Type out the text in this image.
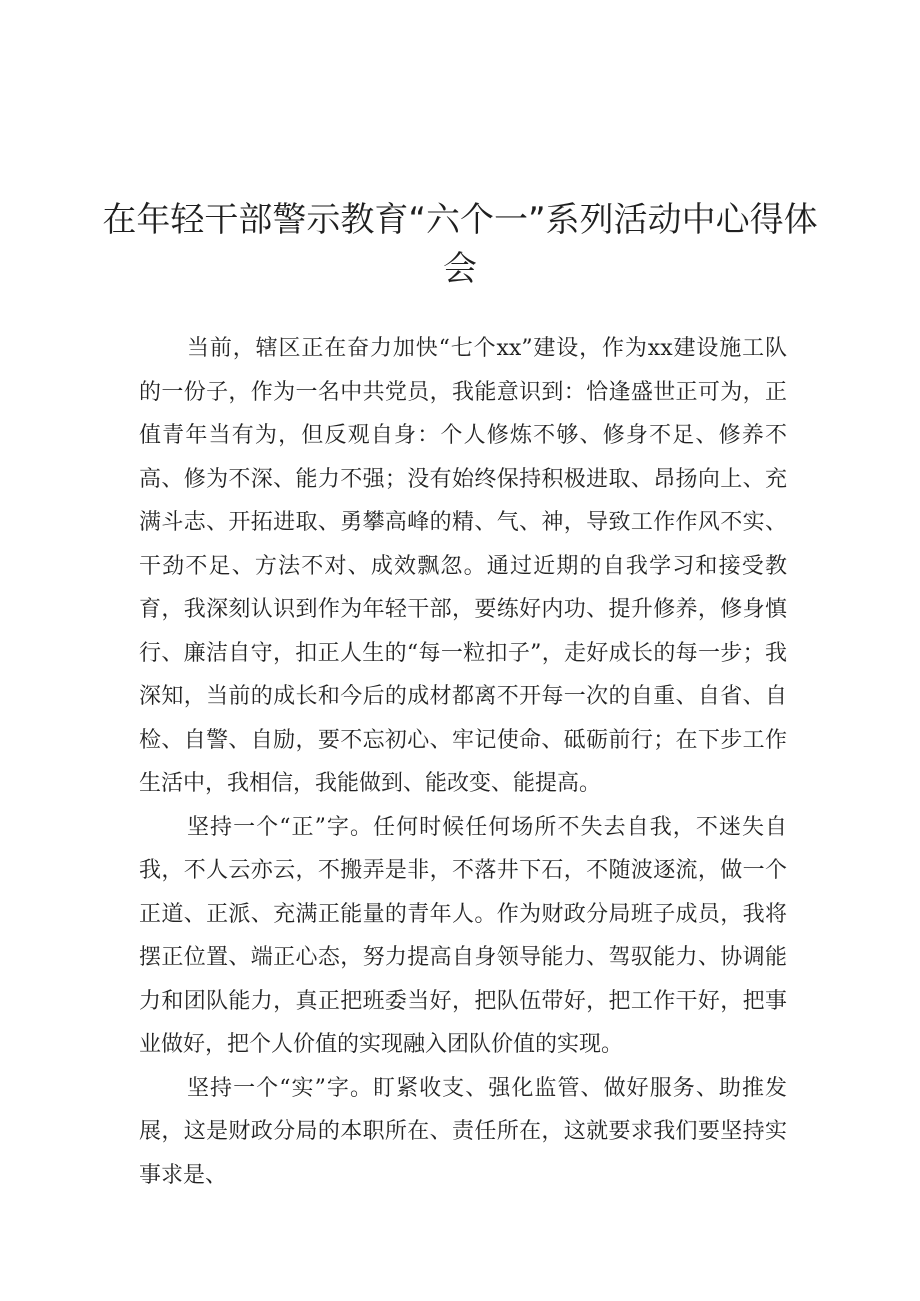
在年轻干部警示教育“六个一”系列活动中心得体会

当前，辖区正在奋力加快“七个xx”建设，作为xx建设施工队的一份子，作为一名中共党员，我能意识到：恰逢盛世正可为，正值青年当有为，但反观自身：个人修炼不够、修身不足、修养不高、修为不深、能力不强；没有始终保持积极进取、昂扬向上、充满斗志、开拓进取、勇攀高峰的精、气、神，导致工作作风不实、干劲不足、方法不对、成效飘忽。通过近期的自我学习和接受教育，我深刻认识到作为年轻干部，要练好内功、提升修养，修身慎行、廉洁自守，扣正人生的“每一粒扣子”，走好成长的每一步；我深知，当前的成长和今后的成材都离不开每一次的自重、自省、自检、自警、自励，要不忘初心、牢记使命、砥砺前行；在下步工作生活中，我相信，我能做到、能改变、能提高。

坚持一个“正”字。任何时候任何场所不失去自我，不迷失自我，不人云亦云，不搬弄是非，不落井下石，不随波逐流，做一个正道、正派、充满正能量的青年人。作为财政分局班子成员，我将摆正位置、端正心态，努力提高自身领导能力、驾驭能力、协调能力和团队能力，真正把班委当好，把队伍带好，把工作干好，把事业做好，把个人价值的实现融入团队价值的实现。

坚持一个“实”字。盯紧收支、强化监管、做好服务、助推发展，这是财政分局的本职所在、责任所在，这就要求我们要坚持实事求是、
